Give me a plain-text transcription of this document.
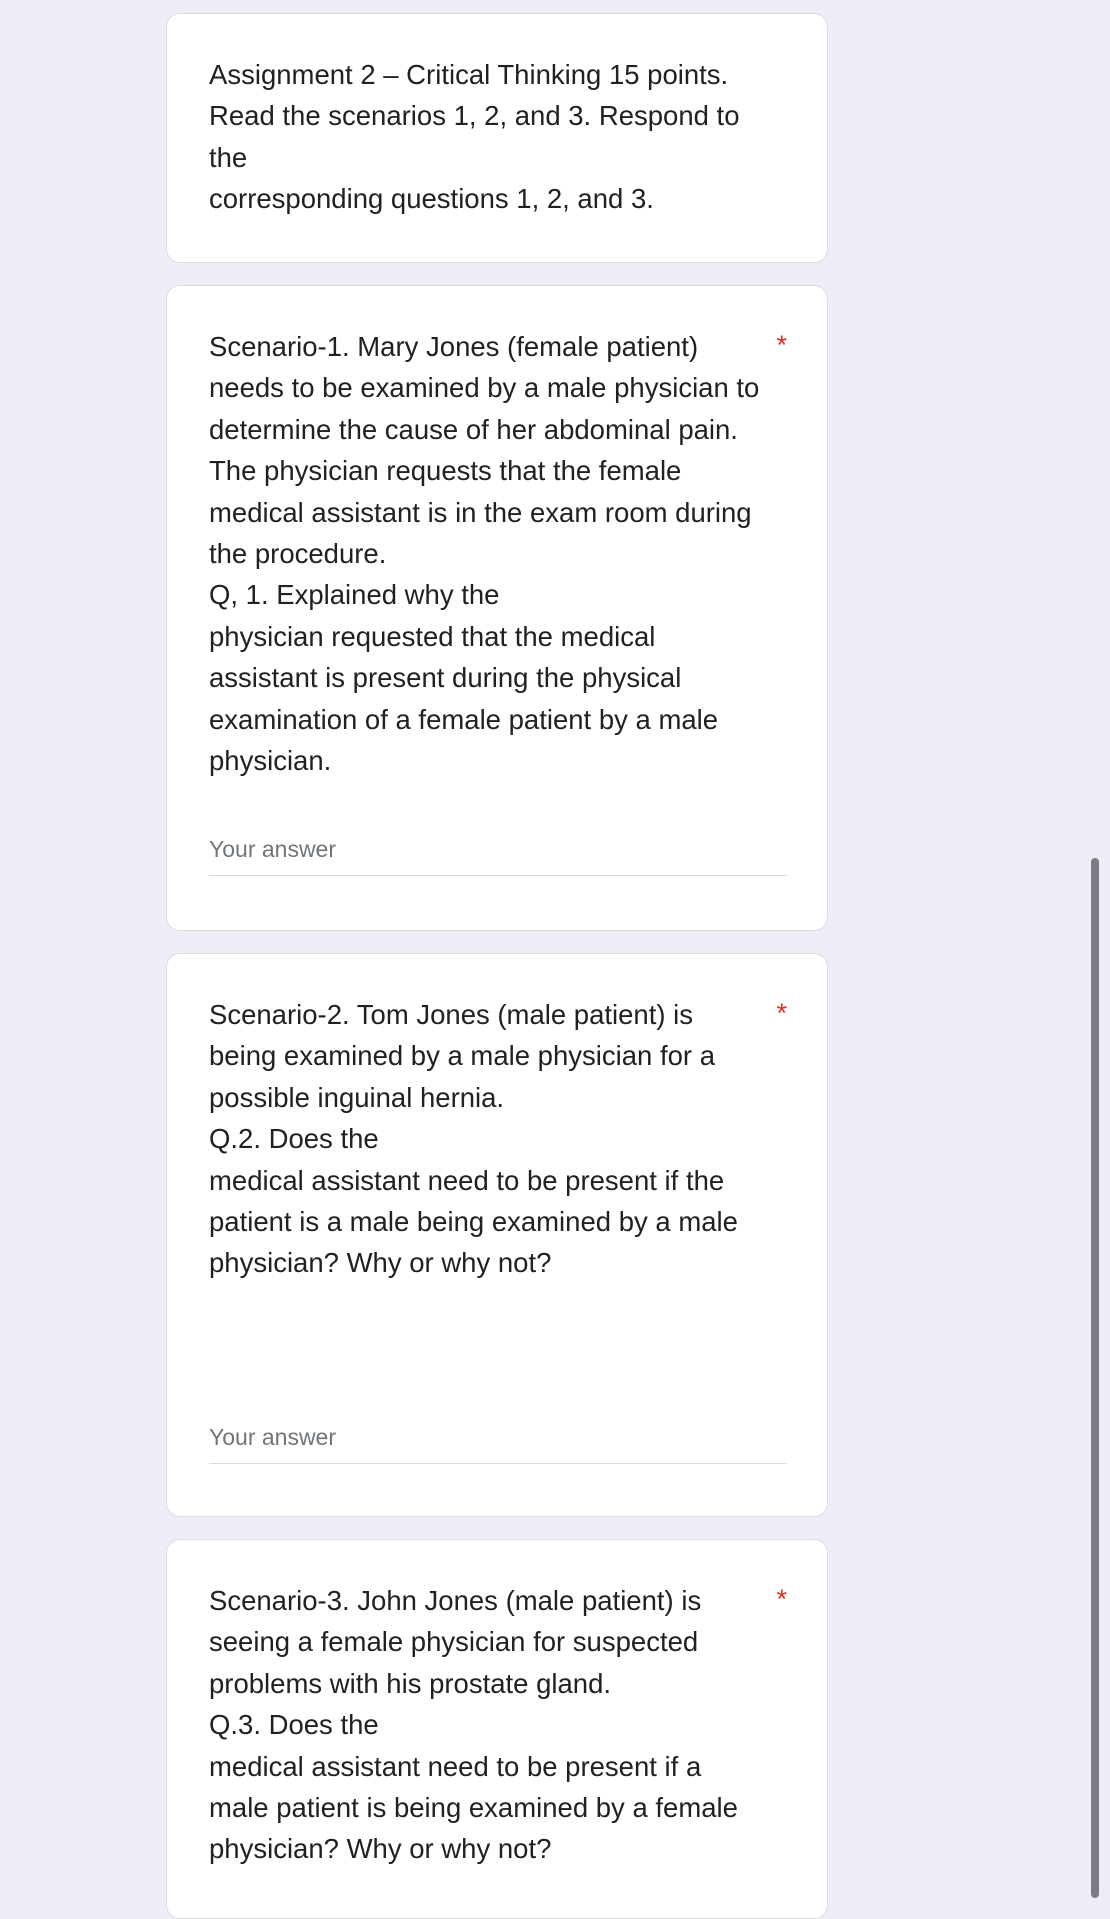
Assignment 2 – Critical Thinking 15 points.
Read the scenarios 1, 2, and 3. Respond to the
corresponding questions 1, 2, and 3.

Scenario-1. Mary Jones (female patient)
needs to be examined by a male physician to
determine the cause of her abdominal pain.
The physician requests that the female
medical assistant is in the exam room during
the procedure.
Q, 1. Explained why the
physician requested that the medical
assistant is present during the physical
examination of a female patient by a male
physician.

*
Your answer

Scenario-2. Tom Jones (male patient) is
being examined by a male physician for a
possible inguinal hernia.
Q.2. Does the
medical assistant need to be present if the
patient is a male being examined by a male
physician? Why or why not?

*
Your answer

Scenario-3. John Jones (male patient) is
seeing a female physician for suspected
problems with his prostate gland.
Q.3. Does the
medical assistant need to be present if a
male patient is being examined by a female
physician? Why or why not?

*
